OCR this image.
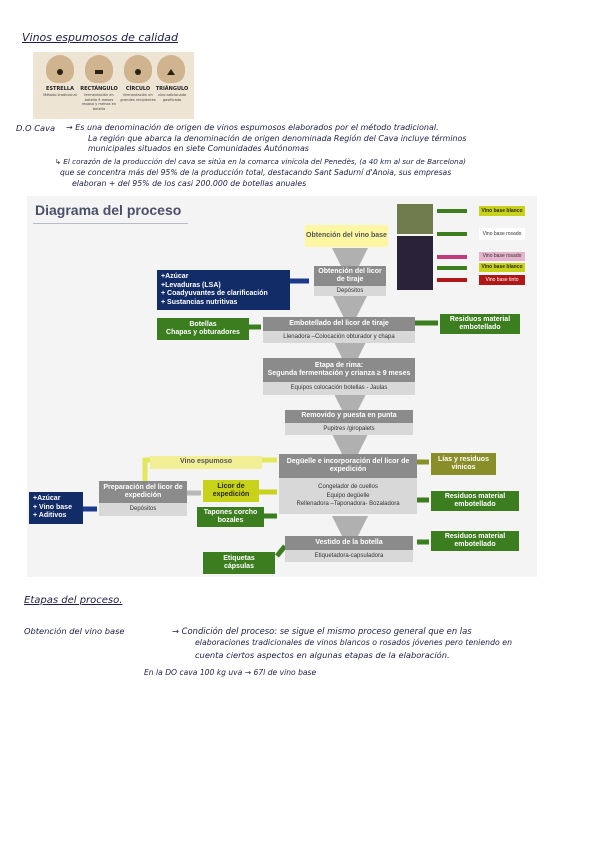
Vinos espumosos de calidad
ESTRELLA
Método tradicional
RECTÁNGULO
fermentación en botella 9 meses reposo y menos en botella
CÍRCULO
fermentación en grandes recipientes
TRIÁNGULO
vino adicionado gasificado
D.O Cava → Es una denominación de origen de vinos espumosos elaborados por el método tradicional.
La región que abarca la denominación de origen denominada Región del Cava incluye términos
municipales situados en siete Comunidades Autónomas
↳ El corazón de la producción del cava se sitúa en la comarca vinícola del Penedès, (a 40 km al sur de Barcelona)
que se concentra más del 95% de la producción total, destacando Sant Sadurní d'Anoia, sus empresas
elaboran + del 95% de los casi 200.000 de botellas anuales
Diagrama del proceso	Vino base blanco
Vino base rosado
Vino base rosado
Vino base blanco
Vino base tinto
Obtención del vino base
Obtención del licor de tiraje
Depósitos
+Azúcar
+Levaduras (LSA)
+ Coadyuvantes de clarificación
+ Sustancias nutritivas
Botellas
Chapas y obturadores
Embotellado del licor de tiraje
Llenadora –Colocación obturador y chapa
Residuos material embotellado
Etapa de rima:
Segunda fermentación y crianza ≥ 9 meses
Equipos colocación botellas - Jaulas
Removido y puesta en punta
Pupitres /giropalets
Vino espumoso	Degüelle e incorporación del licor de expedición
Congelador de cuellos
Equipo degüelle
Rellenadora –Taponadora- Bozaladora
Lías y residuos vínicos
Preparación del licor de expedición
Depósitos
Licor de expedición
+Azúcar
+ Vino base
+ Aditivos
Tapones corcho bozales
Residuos material embotellado
Vestido de la botella
Etiquetadora-capsuladora
Residuos material embotellado
Etiquetas
cápsulas
Etapas del proceso.
Obtención del vino base	→ Condición del proceso: se sigue el mismo proceso general que en las
elaboraciones tradicionales de vinos blancos o rosados jóvenes pero teniendo en
cuenta ciertos aspectos en algunas etapas de la elaboración.
En la DO cava 100 kg uva → 67l de vino base
